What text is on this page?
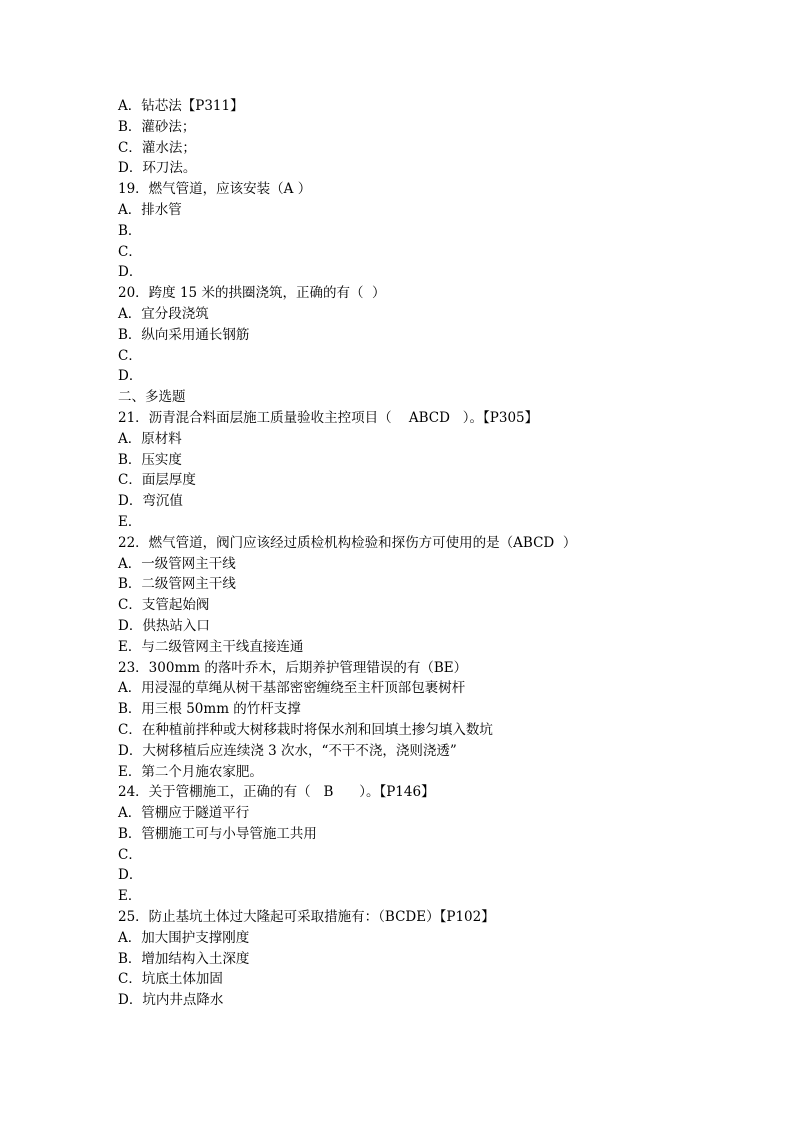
A．钻芯法【P311】
B．灌砂法；
C．灌水法；
D．环刀法。
19．燃气管道，应该安装（A ）
A．排水管
B．
C．
D．
20．跨度 15 米的拱圈浇筑，正确的有（  ）
A．宜分段浇筑
B．纵向采用通长钢筋
C．
D．
二、多选题
21．沥青混合料面层施工质量验收主控项目（    ABCD   ）。【P305】
A．原材料
B．压实度
C．面层厚度
D．弯沉值
E．
22．燃气管道，阀门应该经过质检机构检验和探伤方可使用的是（ABCD  ）
A．一级管网主干线
B．二级管网主干线
C．支管起始阀
D．供热站入口
E．与二级管网主干线直接连通
23．300mm 的落叶乔木，后期养护管理错误的有（BE）
A．用浸湿的草绳从树干基部密密缠绕至主杆顶部包裹树杆
B．用三根 50mm 的竹杆支撑
C．在种植前拌种或大树移栽时将保水剂和回填土掺匀填入数坑
D．大树移植后应连续浇 3 次水，“不干不浇，浇则浇透”
E．第二个月施农家肥。
24．关于管棚施工，正确的有（   B      ）。【P146】
A．管棚应于隧道平行
B．管棚施工可与小导管施工共用
C．
D．
E．
25．防止基坑土体过大隆起可采取措施有：（BCDE）【P102】
A．加大围护支撑刚度
B．增加结构入土深度
C．坑底土体加固
D．坑内井点降水
